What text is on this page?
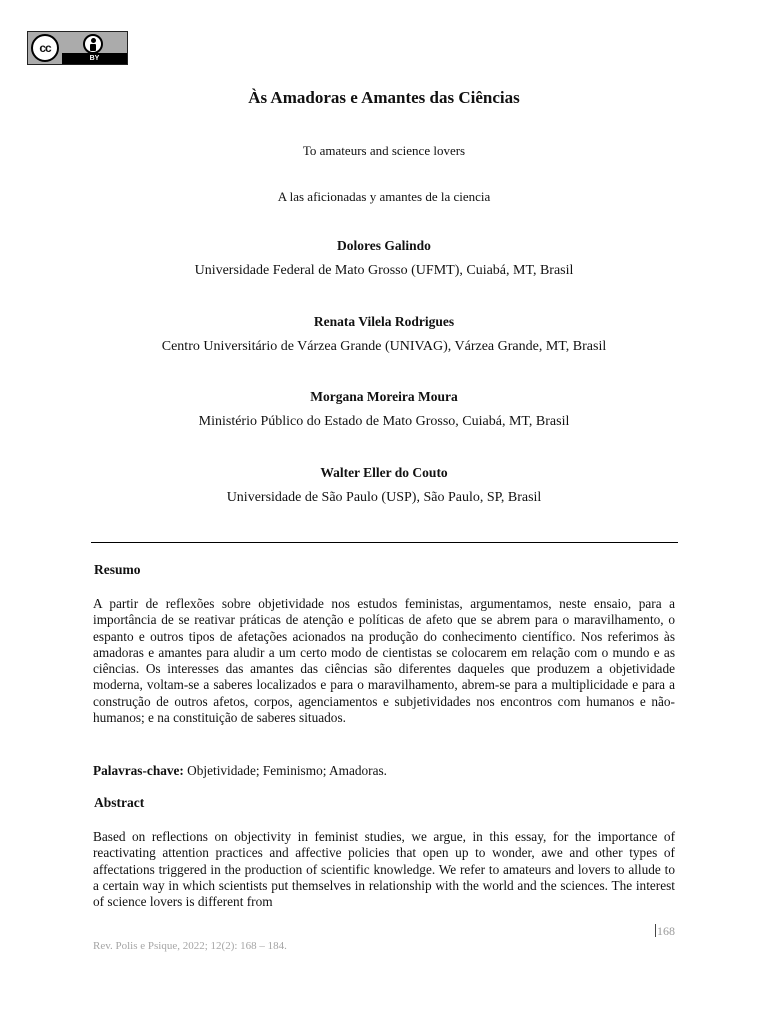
cc
BY
Às Amadoras e Amantes das Ciências
To amateurs and science lovers
A las aficionadas y amantes de la ciencia
Dolores Galindo
Universidade Federal de Mato Grosso (UFMT), Cuiabá, MT, Brasil
Renata Vilela Rodrigues
Centro Universitário de Várzea Grande (UNIVAG), Várzea Grande, MT, Brasil
Morgana Moreira Moura
Ministério Público do Estado de Mato Grosso, Cuiabá, MT, Brasil
Walter Eller do Couto
Universidade de São Paulo (USP), São Paulo, SP, Brasil
Resumo
A partir de reflexões sobre objetividade nos estudos feministas, argumentamos, neste ensaio, para a importância de se reativar práticas de atenção e políticas de afeto que se abrem para o maravilhamento, o espanto e outros tipos de afetações acionados na produção do conhecimento científico. Nos referimos às amadoras e amantes para aludir a um certo modo de cientistas se colocarem em relação com o mundo e as ciências. Os interesses das amantes das ciências são diferentes daqueles que produzem a objetividade moderna, voltam-se a saberes localizados e para o maravilhamento, abrem-se para a multiplicidade e para a construção de outros afetos, corpos, agenciamentos e subjetividades nos encontros com humanos e não-humanos; e na constituição de saberes situados.
Palavras-chave: Objetividade; Feminismo; Amadoras.
Abstract
Based on reflections on objectivity in feminist studies, we argue, in this essay, for the importance of reactivating attention practices and affective policies that open up to wonder, awe and other types of affectations triggered in the production of scientific knowledge. We refer to amateurs and lovers to allude to a certain way in which scientists put themselves in relationship with the world and the sciences. The interest of science lovers is different from
168
Rev. Polis e Psique, 2022; 12(2): 168 – 184.
